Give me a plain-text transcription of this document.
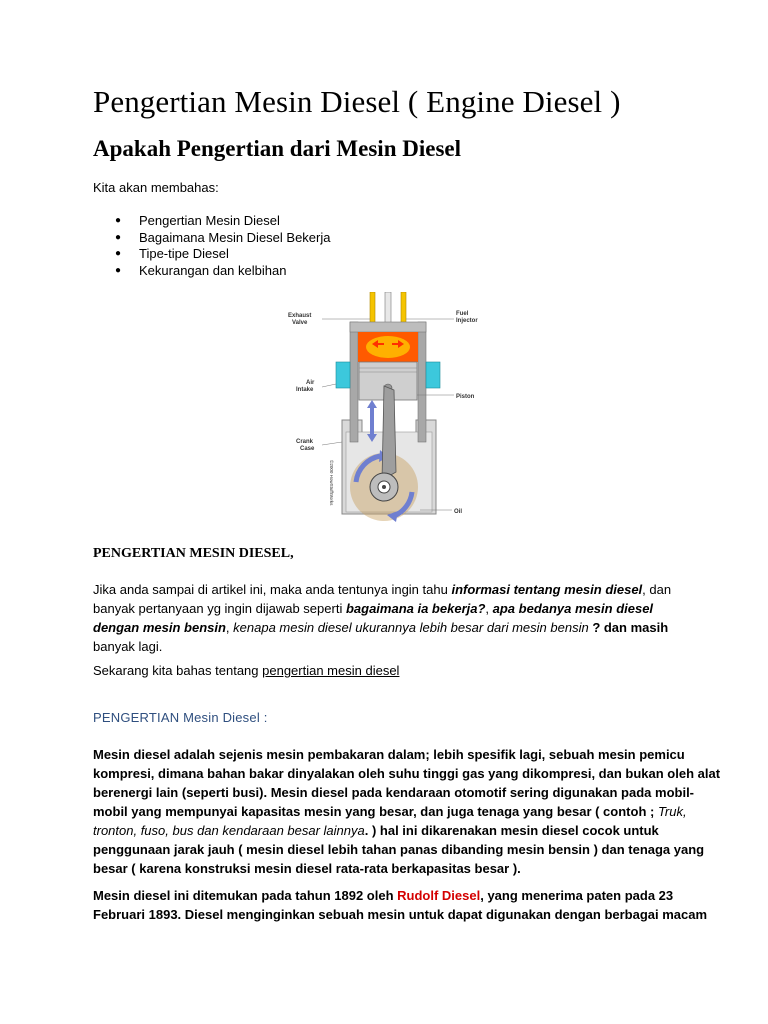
Pengertian Mesin Diesel ( Engine Diesel )
Apakah Pengertian dari Mesin Diesel
Kita akan membahas:
● Pengertian Mesin Diesel
● Bagaimana Mesin Diesel Bekerja
● Tipe-tipe Diesel
● Kekurangan dan kelbihan
Exhaust
Valve
Fuel
Injector
Air
Intake
Piston
Crank
Case
Oil
©2000 HowStuffWorks
PENGERTIAN MESIN DIESEL,
Jika anda sampai di artikel ini, maka anda tentunya ingin tahu informasi tentang mesin diesel, dan
banyak pertanyaan yg ingin dijawab seperti bagaimana ia bekerja?, apa bedanya mesin diesel
dengan mesin bensin, kenapa mesin diesel ukurannya lebih besar dari mesin bensin ? dan masih
banyak lagi.
Sekarang kita bahas tentang pengertian mesin diesel
PENGERTIAN Mesin Diesel :
Mesin diesel adalah sejenis mesin pembakaran dalam; lebih spesifik lagi, sebuah mesin pemicu
kompresi, dimana bahan bakar dinyalakan oleh suhu tinggi gas yang dikompresi, dan bukan oleh alat
berenergi lain (seperti busi). Mesin diesel pada kendaraan otomotif sering digunakan pada mobil-
mobil yang mempunyai kapasitas mesin yang besar, dan juga tenaga yang besar ( contoh ; Truk,
tronton, fuso, bus dan kendaraan besar lainnya. ) hal ini dikarenakan mesin diesel cocok untuk
penggunaan jarak jauh ( mesin diesel lebih tahan panas dibanding mesin bensin ) dan tenaga yang
besar ( karena konstruksi mesin diesel rata-rata berkapasitas besar ).
Mesin diesel ini ditemukan pada tahun 1892 oleh Rudolf Diesel, yang menerima paten pada 23
Februari 1893. Diesel menginginkan sebuah mesin untuk dapat digunakan dengan berbagai macam
